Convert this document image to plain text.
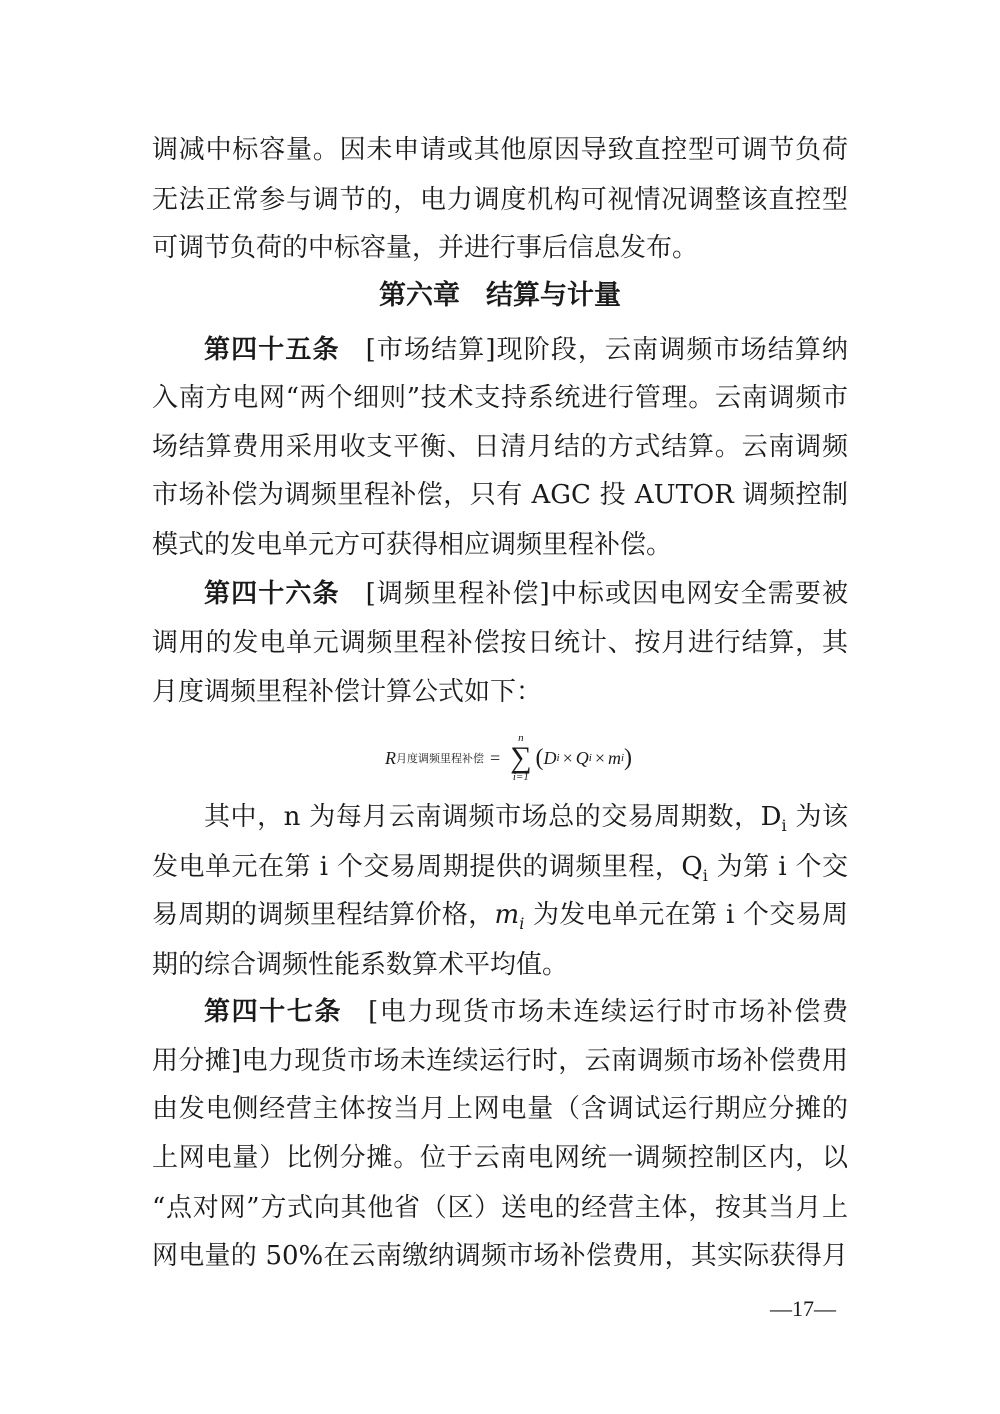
调减中标容量。因未申请或其他原因导致直控型可调节负荷
无法正常参与调节的，电力调度机构可视情况调整该直控型
可调节负荷的中标容量，并进行事后信息发布。
第六章 结算与计量
第四十五条 [市场结算]现阶段，云南调频市场结算纳
入南方电网“两个细则”技术支持系统进行管理。云南调频市
场结算费用采用收支平衡、日清月结的方式结算。云南调频
市场补偿为调频里程补偿，只有 AGC 投 AUTOR 调频控制
模式的发电单元方可获得相应调频里程补偿。
第四十六条 [调频里程补偿]中标或因电网安全需要被
调用的发电单元调频里程补偿按日统计、按月进行结算，其
月度调频里程补偿计算公式如下：
R 月度调频里程补偿 =
n
∑
i=1
( D i × Q i × m i )
其中，n 为每月云南调频市场总的交易周期数，$D_i$ 为该
发电单元在第 i 个交易周期提供的调频里程，$Q_i$ 为第 i 个交
易周期的调频里程结算价格，$m_i$ 为发电单元在第 i 个交易周
期的综合调频性能系数算术平均值。
第四十七条 [电力现货市场未连续运行时市场补偿费
用分摊]电力现货市场未连续运行时，云南调频市场补偿费用
由发电侧经营主体按当月上网电量（含调试运行期应分摊的
上网电量）比例分摊。位于云南电网统一调频控制区内，以
“点对网”方式向其他省（区）送电的经营主体，按其当月上
网电量的 50%在云南缴纳调频市场补偿费用，其实际获得月
—17—
